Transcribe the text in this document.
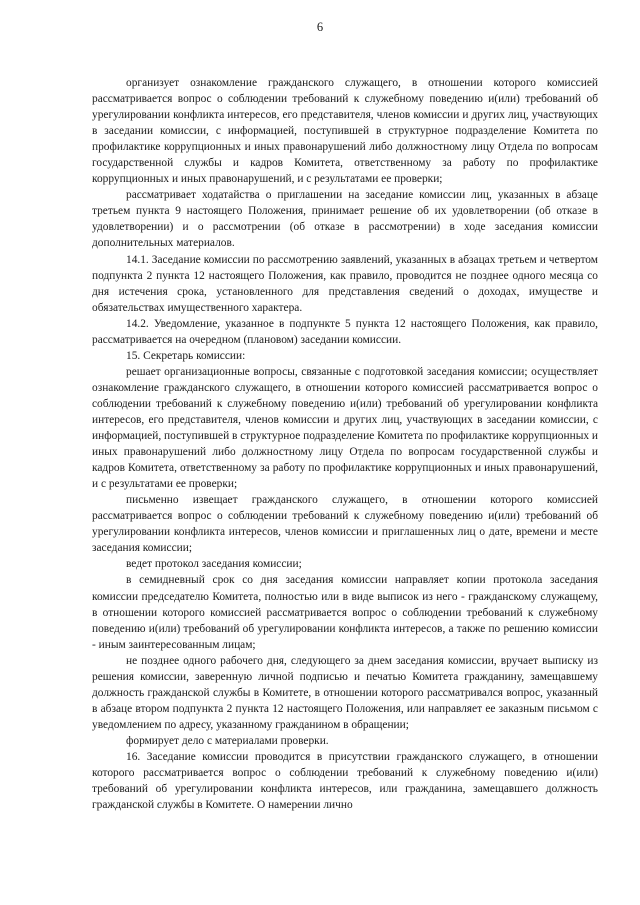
6

организует ознакомление гражданского служащего, в отношении которого комиссией рассматривается вопрос о соблюдении требований к служебному поведению и(или) требований об урегулировании конфликта интересов, его представителя, членов комиссии и других лиц, участвующих в заседании комиссии, с информацией, поступившей в структурное подразделение Комитета по профилактике коррупционных и иных правонарушений либо должностному лицу Отдела по вопросам государственной службы и кадров Комитета, ответственному за работу по профилактике коррупционных и иных правонарушений, и с результатами ее проверки;

рассматривает ходатайства о приглашении на заседание комиссии лиц, указанных в абзаце третьем пункта 9 настоящего Положения, принимает решение об их удовлетворении (об отказе в удовлетворении) и о рассмотрении (об отказе в рассмотрении) в ходе заседания комиссии дополнительных материалов.

14.1. Заседание комиссии по рассмотрению заявлений, указанных в абзацах третьем и четвертом подпункта 2 пункта 12 настоящего Положения, как правило, проводится не позднее одного месяца со дня истечения срока, установленного для представления сведений о доходах, имуществе и обязательствах имущественного характера.

14.2. Уведомление, указанное в подпункте 5 пункта 12 настоящего Положения, как правило, рассматривается на очередном (плановом) заседании комиссии.

15. Секретарь комиссии:

решает организационные вопросы, связанные с подготовкой заседания комиссии; осуществляет ознакомление гражданского служащего, в отношении которого комиссией рассматривается вопрос о соблюдении требований к служебному поведению и(или) требований об урегулировании конфликта интересов, его представителя, членов комиссии и других лиц, участвующих в заседании комиссии, с информацией, поступившей в структурное подразделение Комитета по профилактике коррупционных и иных правонарушений либо должностному лицу Отдела по вопросам государственной службы и кадров Комитета, ответственному за работу по профилактике коррупционных и иных правонарушений, и с результатами ее проверки;

письменно извещает гражданского служащего, в отношении которого комиссией рассматривается вопрос о соблюдении требований к служебному поведению и(или) требований об урегулировании конфликта интересов, членов комиссии и приглашенных лиц о дате, времени и месте заседания комиссии;

ведет протокол заседания комиссии;

в семидневный срок со дня заседания комиссии направляет копии протокола заседания комиссии председателю Комитета, полностью или в виде выписок из него - гражданскому служащему, в отношении которого комиссией рассматривается вопрос о соблюдении требований к служебному поведению и(или) требований об урегулировании конфликта интересов, а также по решению комиссии - иным заинтересованным лицам;

не позднее одного рабочего дня, следующего за днем заседания комиссии, вручает выписку из решения комиссии, заверенную личной подписью и печатью Комитета гражданину, замещавшему должность гражданской службы в Комитете, в отношении которого рассматривался вопрос, указанный в абзаце втором подпункта 2 пункта 12 настоящего Положения, или направляет ее заказным письмом с уведомлением по адресу, указанному гражданином в обращении;

формирует дело с материалами проверки.

16. Заседание комиссии проводится в присутствии гражданского служащего, в отношении которого рассматривается вопрос о соблюдении требований к служебному поведению и(или) требований об урегулировании конфликта интересов, или гражданина, замещавшего должность гражданской службы в Комитете. О намерении лично
